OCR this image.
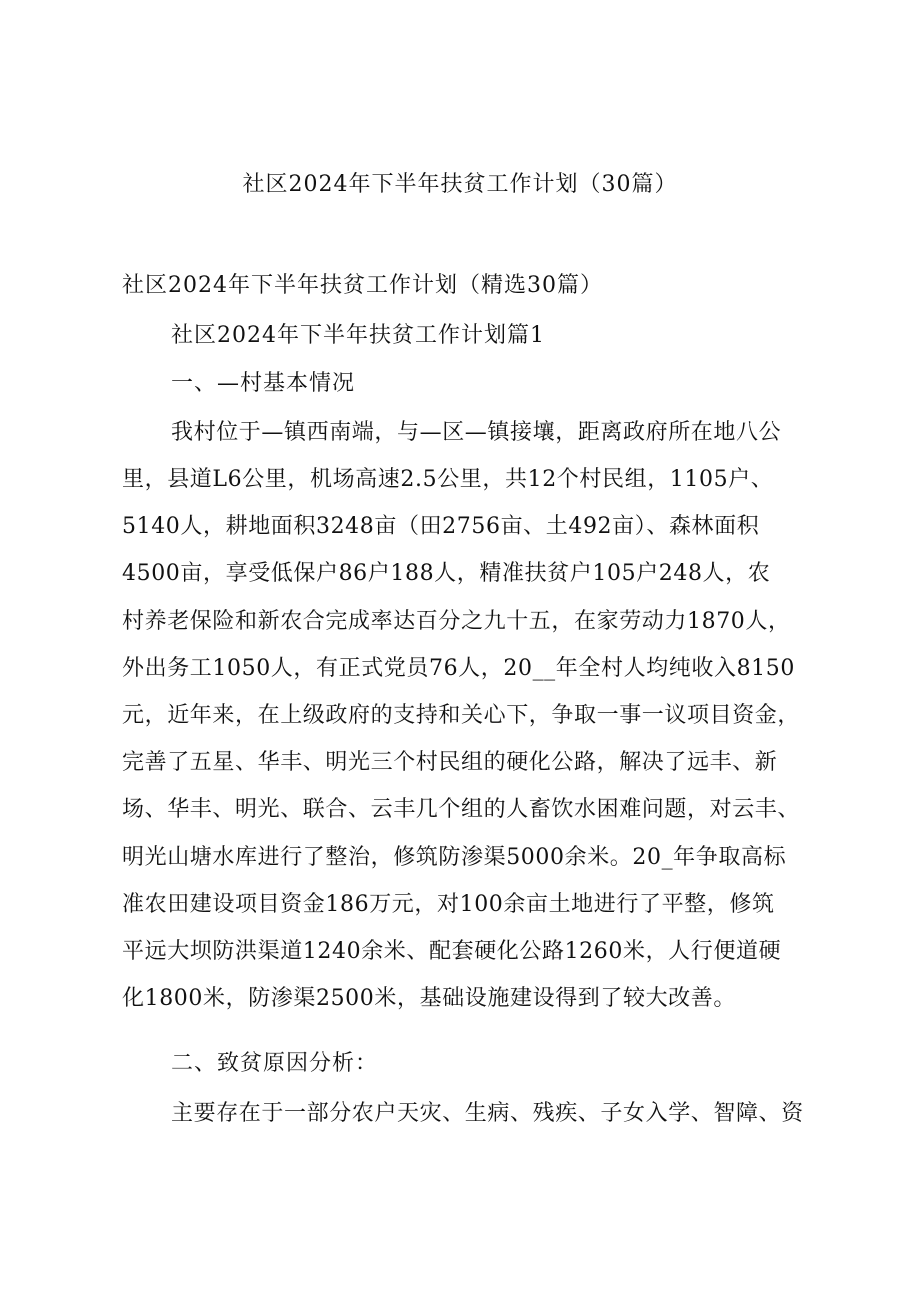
社区2024年下半年扶贫工作计划（30篇）
社区2024年下半年扶贫工作计划（精选30篇）
社区2024年下半年扶贫工作计划篇1
一、—村基本情况
我村位于—镇西南端，与—区—镇接壤，距离政府所在地八公
里，县道L6公里，机场高速2.5公里，共12个村民组，1105户、
5140人，耕地面积3248亩（田2756亩、土492亩）、森林面积
4500亩，享受低保户86户188人，精准扶贫户105户248人，农
村养老保险和新农合完成率达百分之九十五，在家劳动力1870人，
外出务工1050人，有正式党员76人，20__年全村人均纯收入8150
元，近年来，在上级政府的支持和关心下，争取一事一议项目资金，
完善了五星、华丰、明光三个村民组的硬化公路，解决了远丰、新
场、华丰、明光、联合、云丰几个组的人畜饮水困难问题，对云丰、
明光山塘水库进行了整治，修筑防渗渠5000余米。20_年争取高标
准农田建设项目资金186万元，对100余亩土地进行了平整，修筑
平远大坝防洪渠道1240余米、配套硬化公路1260米，人行便道硬
化1800米，防渗渠2500米，基础设施建设得到了较大改善。
二、致贫原因分析：
主要存在于一部分农户天灾、生病、残疾、子女入学、智障、资
